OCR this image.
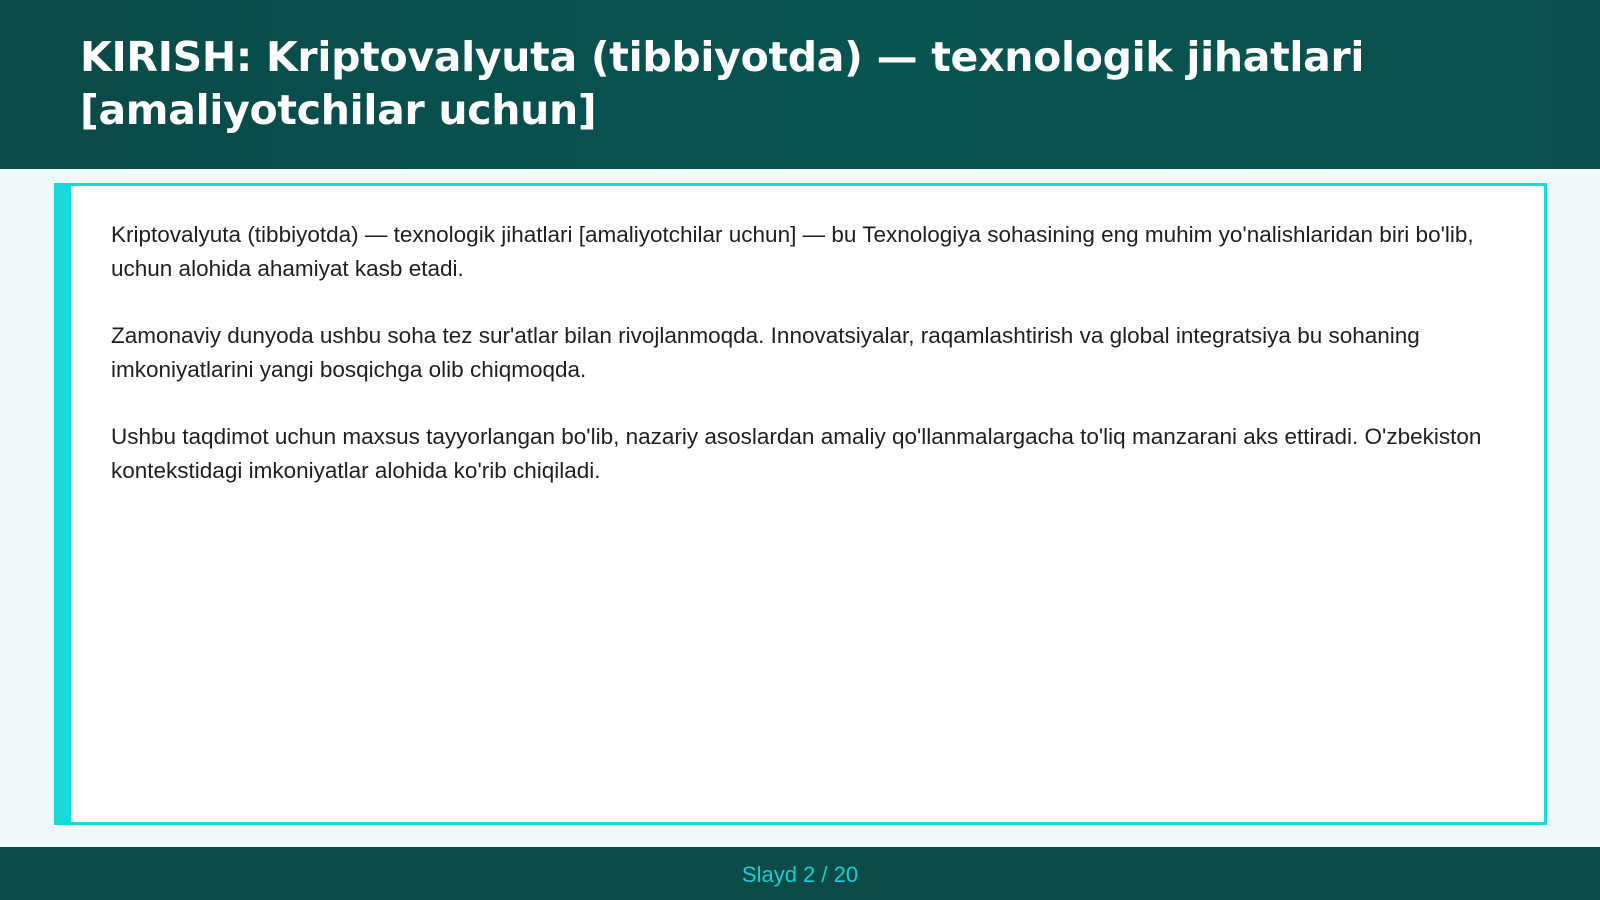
KIRISH: Kriptovalyuta (tibbiyotda) — texnologik jihatlari [amaliyotchilar uchun]

Kriptovalyuta (tibbiyotda) — texnologik jihatlari [amaliyotchilar uchun] — bu Texnologiya sohasining eng muhim yo'nalishlaridan biri bo'lib, uchun alohida ahamiyat kasb etadi.

Zamonaviy dunyoda ushbu soha tez sur'atlar bilan rivojlanmoqda. Innovatsiyalar, raqamlashtirish va global integratsiya bu sohaning imkoniyatlarini yangi bosqichga olib chiqmoqda.

Ushbu taqdimot uchun maxsus tayyorlangan bo'lib, nazariy asoslardan amaliy qo'llanmalargacha to'liq manzarani aks ettiradi. O'zbekiston kontekstidagi imkoniyatlar alohida ko'rib chiqiladi.

Slayd 2 / 20
